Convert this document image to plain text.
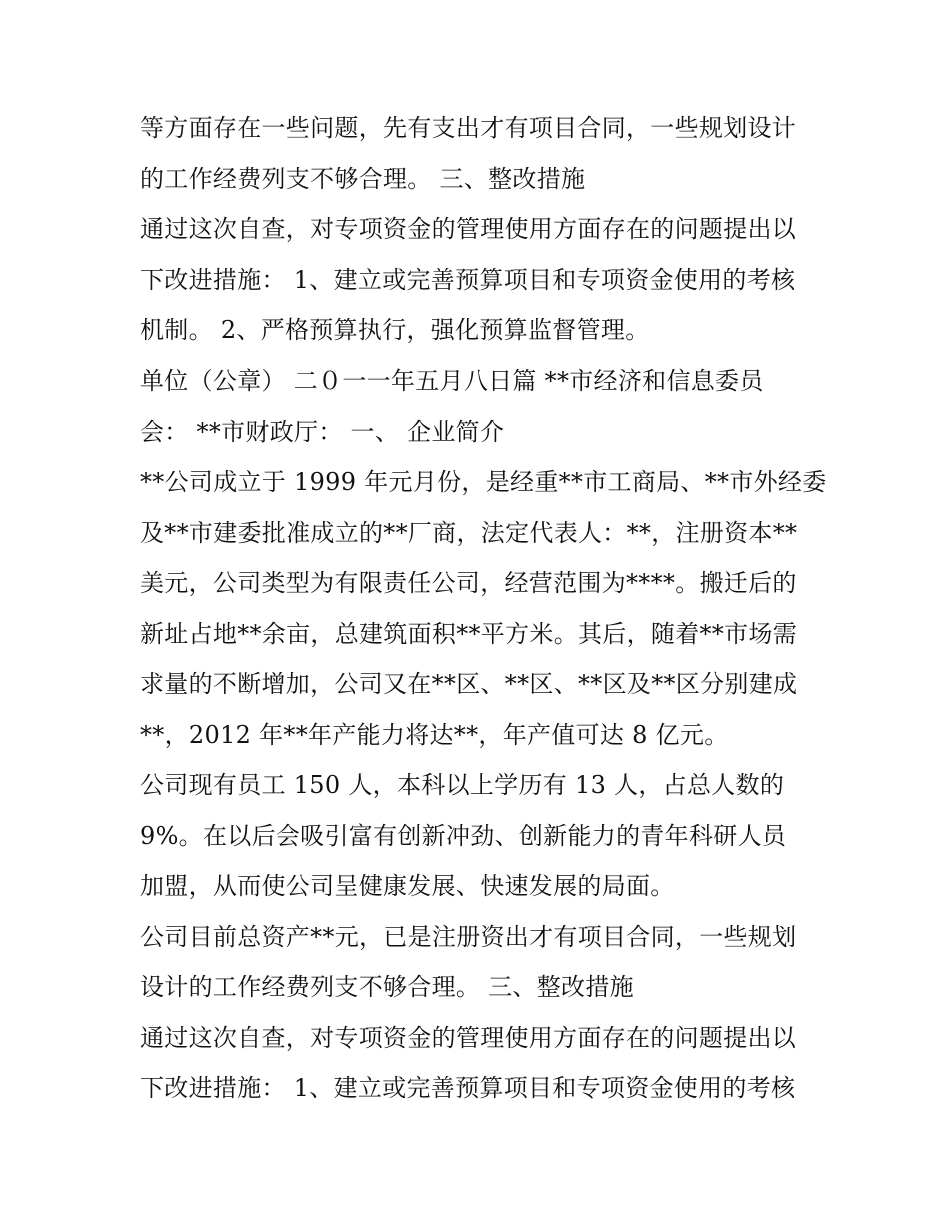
等方面存在一些问题，先有支出才有项目合同，一些规划设计
的工作经费列支不够合理。 三、整改措施
通过这次自查，对专项资金的管理使用方面存在的问题提出以
下改进措施： 1、建立或完善预算项目和专项资金使用的考核
机制。 2、严格预算执行，强化预算监督管理。
单位（公章） 二０一一年五月八日篇 **市经济和信息委员
会： **市财政厅： 一、 企业简介
**公司成立于 1999 年元月份，是经重**市工商局、**市外经委
及**市建委批准成立的**厂商，法定代表人：**，注册资本**
美元，公司类型为有限责任公司，经营范围为****。搬迁后的
新址占地**余亩，总建筑面积**平方米。其后，随着**市场需
求量的不断增加，公司又在**区、**区、**区及**区分别建成
**，2012 年**年产能力将达**，年产值可达 8 亿元。
公司现有员工 150 人，本科以上学历有 13 人，占总人数的
9%。在以后会吸引富有创新冲劲、创新能力的青年科研人员
加盟，从而使公司呈健康发展、快速发展的局面。
公司目前总资产**元，已是注册资出才有项目合同，一些规划
设计的工作经费列支不够合理。 三、整改措施
通过这次自查，对专项资金的管理使用方面存在的问题提出以
下改进措施： 1、建立或完善预算项目和专项资金使用的考核
